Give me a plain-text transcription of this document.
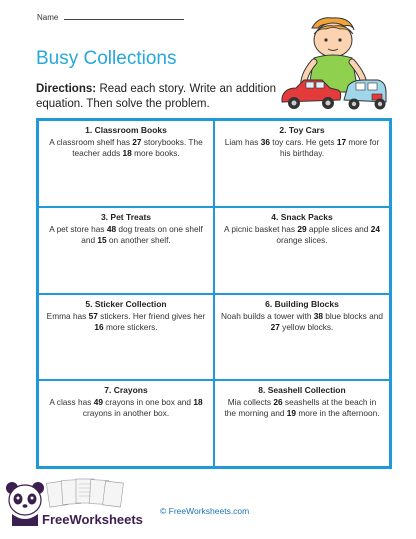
Name
Busy Collections
Directions: Read each story. Write an addition equation. Then solve the problem.
1. Classroom Books
A classroom shelf has 27 storybooks. The teacher adds 18 more books.
2. Toy Cars
Liam has 36 toy cars. He gets 17 more for his birthday.
3. Pet Treats
A pet store has 48 dog treats on one shelf and 15 on another shelf.
4. Snack Packs
A picnic basket has 29 apple slices and 24 orange slices.
5. Sticker Collection
Emma has 57 stickers. Her friend gives her 16 more stickers.
6. Building Blocks
Noah builds a tower with 38 blue blocks and 27 yellow blocks.
7. Crayons
A class has 49 crayons in one box and 18 crayons in another box.
8. Seashell Collection
Mia collects 26 seashells at the beach in the morning and 19 more in the afternoon.
FreeWorksheets
© FreeWorksheets.com
